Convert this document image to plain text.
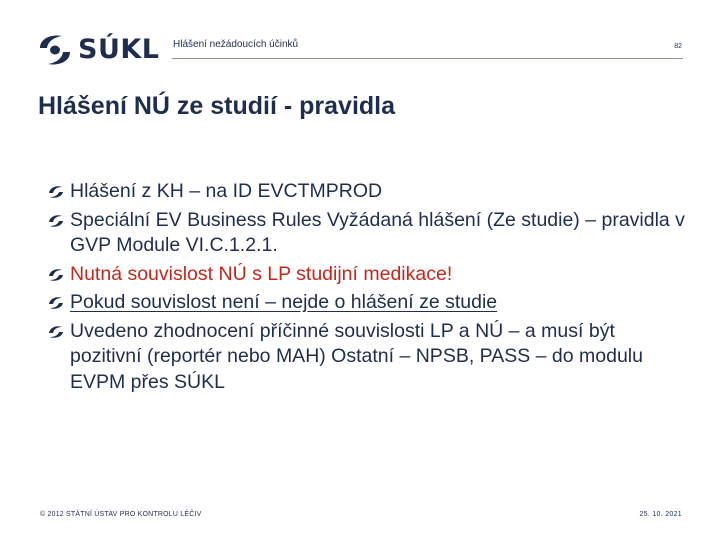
SÚKL Hlášení nežádoucích účinků	82
Hlášení NÚ ze studií - pravidla
Hlášení z KH – na ID EVCTMPROD
Speciální EV Business Rules Vyžádaná hlášení (Ze studie) – pravidla v GVP Module VI.C.1.2.1.
Nutná souvislost NÚ s LP studijní medikace!
Pokud souvislost není – nejde o hlášení ze studie
Uvedeno zhodnocení příčinné souvislosti LP a NÚ – a musí být pozitivní (reportér nebo MAH) Ostatní – NPSB, PASS – do modulu EVPM přes SÚKL
© 2012 STÁTNÍ ÚSTAV PRO KONTROLU LÉČIV	25. 10. 2021
